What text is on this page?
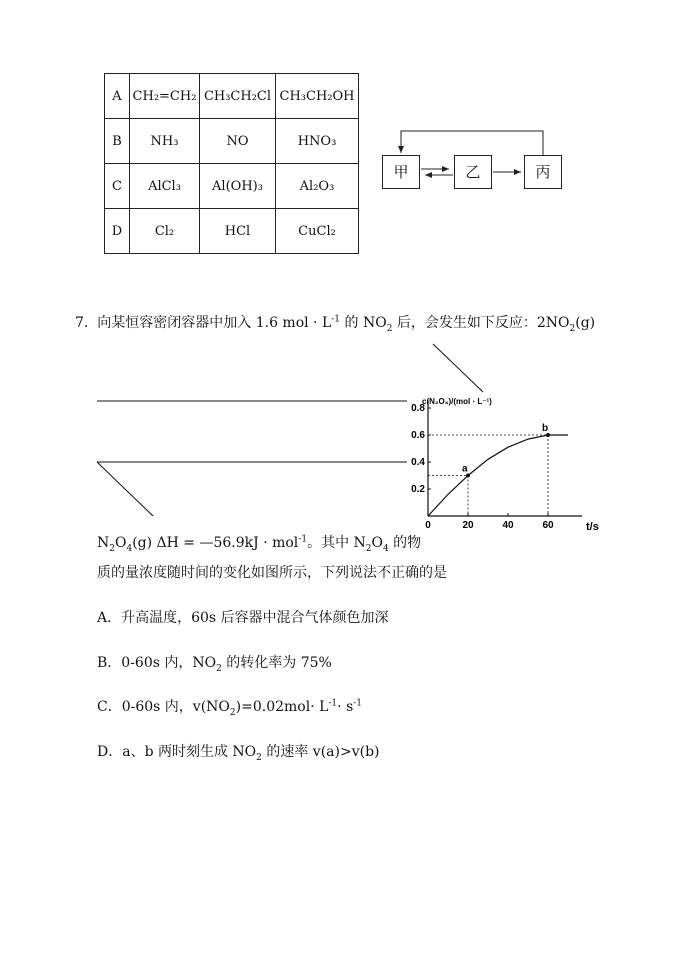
A	CH₂=CH₂	CH₃CH₂Cl	CH₃CH₂OH
B	NH₃	NO	HNO₃
C	AlCl₃	Al(OH)₃	Al₂O₃
D	Cl₂	HCl	CuCl₂
甲	乙	丙
7. 向某恒容密闭容器中加入 1.6 mol · $L^{-1}$ 的 $NO_2$ 后，会发生如下反应：$2NO_2(g)$
c(N₂O₄)/(mol · L⁻¹)
t/s
0.2
0.4
0.6
0.8
0	20	40	60
a
b
$N_2O_4(g) \Delta H$ = —56.9kJ · mol$^{-1}$。其中 $N_2O_4$ 的物
质的量浓度随时间的变化如图所示，下列说法不正确的是
A．升高温度，60s 后容器中混合气体颜色加深
B．0-60s 内，$NO_2$ 的转化率为 75%
C．0-60s 内，$v(NO_2)=0.02mol\cdot L^{-1}\cdot s^{-1}$
D．a、b 两时刻生成 $NO_2$ 的速率 v(a)>v(b)
